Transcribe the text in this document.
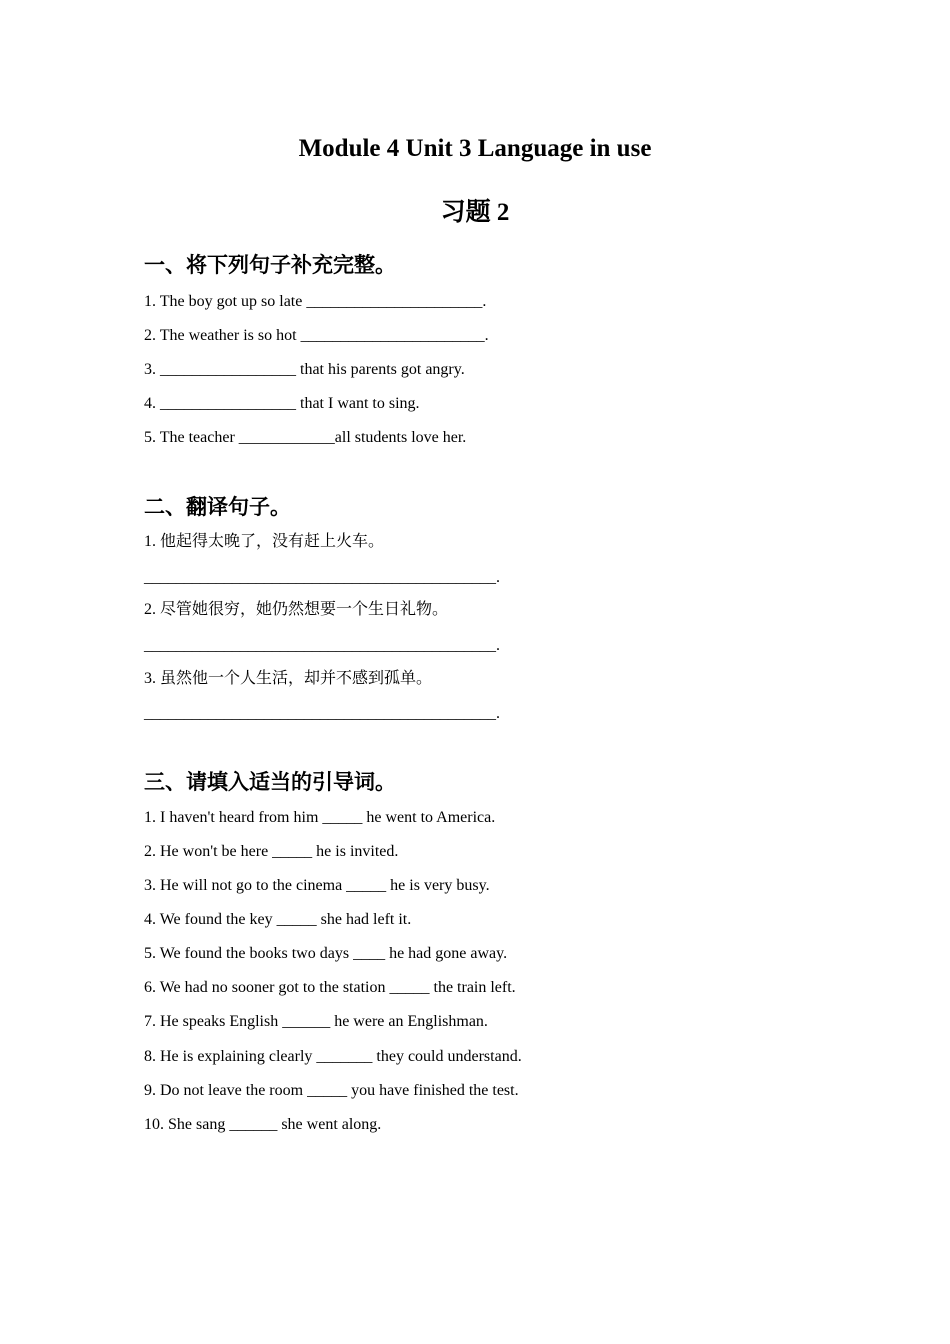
Module 4 Unit 3 Language in use
习题 2
一、将下列句子补充完整。
1. The boy got up so late ______________________.
2. The weather is so hot _______________________.
3. _________________ that his parents got angry.
4. _________________ that I want to sing.
5. The teacher ____________all students love her.
二、翻译句子。
1. 他起得太晚了，没有赶上火车。
____________________________________________.
2. 尽管她很穷，她仍然想要一个生日礼物。
____________________________________________.
3. 虽然他一个人生活，却并不感到孤单。
____________________________________________.
三、请填入适当的引导词。
1. I haven't heard from him _____ he went to America.
2. He won't be here _____ he is invited.
3. He will not go to the cinema _____ he is very busy.
4. We found the key _____ she had left it.
5. We found the books two days ____ he had gone away.
6. We had no sooner got to the station _____ the train left.
7. He speaks English ______ he were an Englishman.
8. He is explaining clearly _______ they could understand.
9. Do not leave the room _____ you have finished the test.
10. She sang ______ she went along.
